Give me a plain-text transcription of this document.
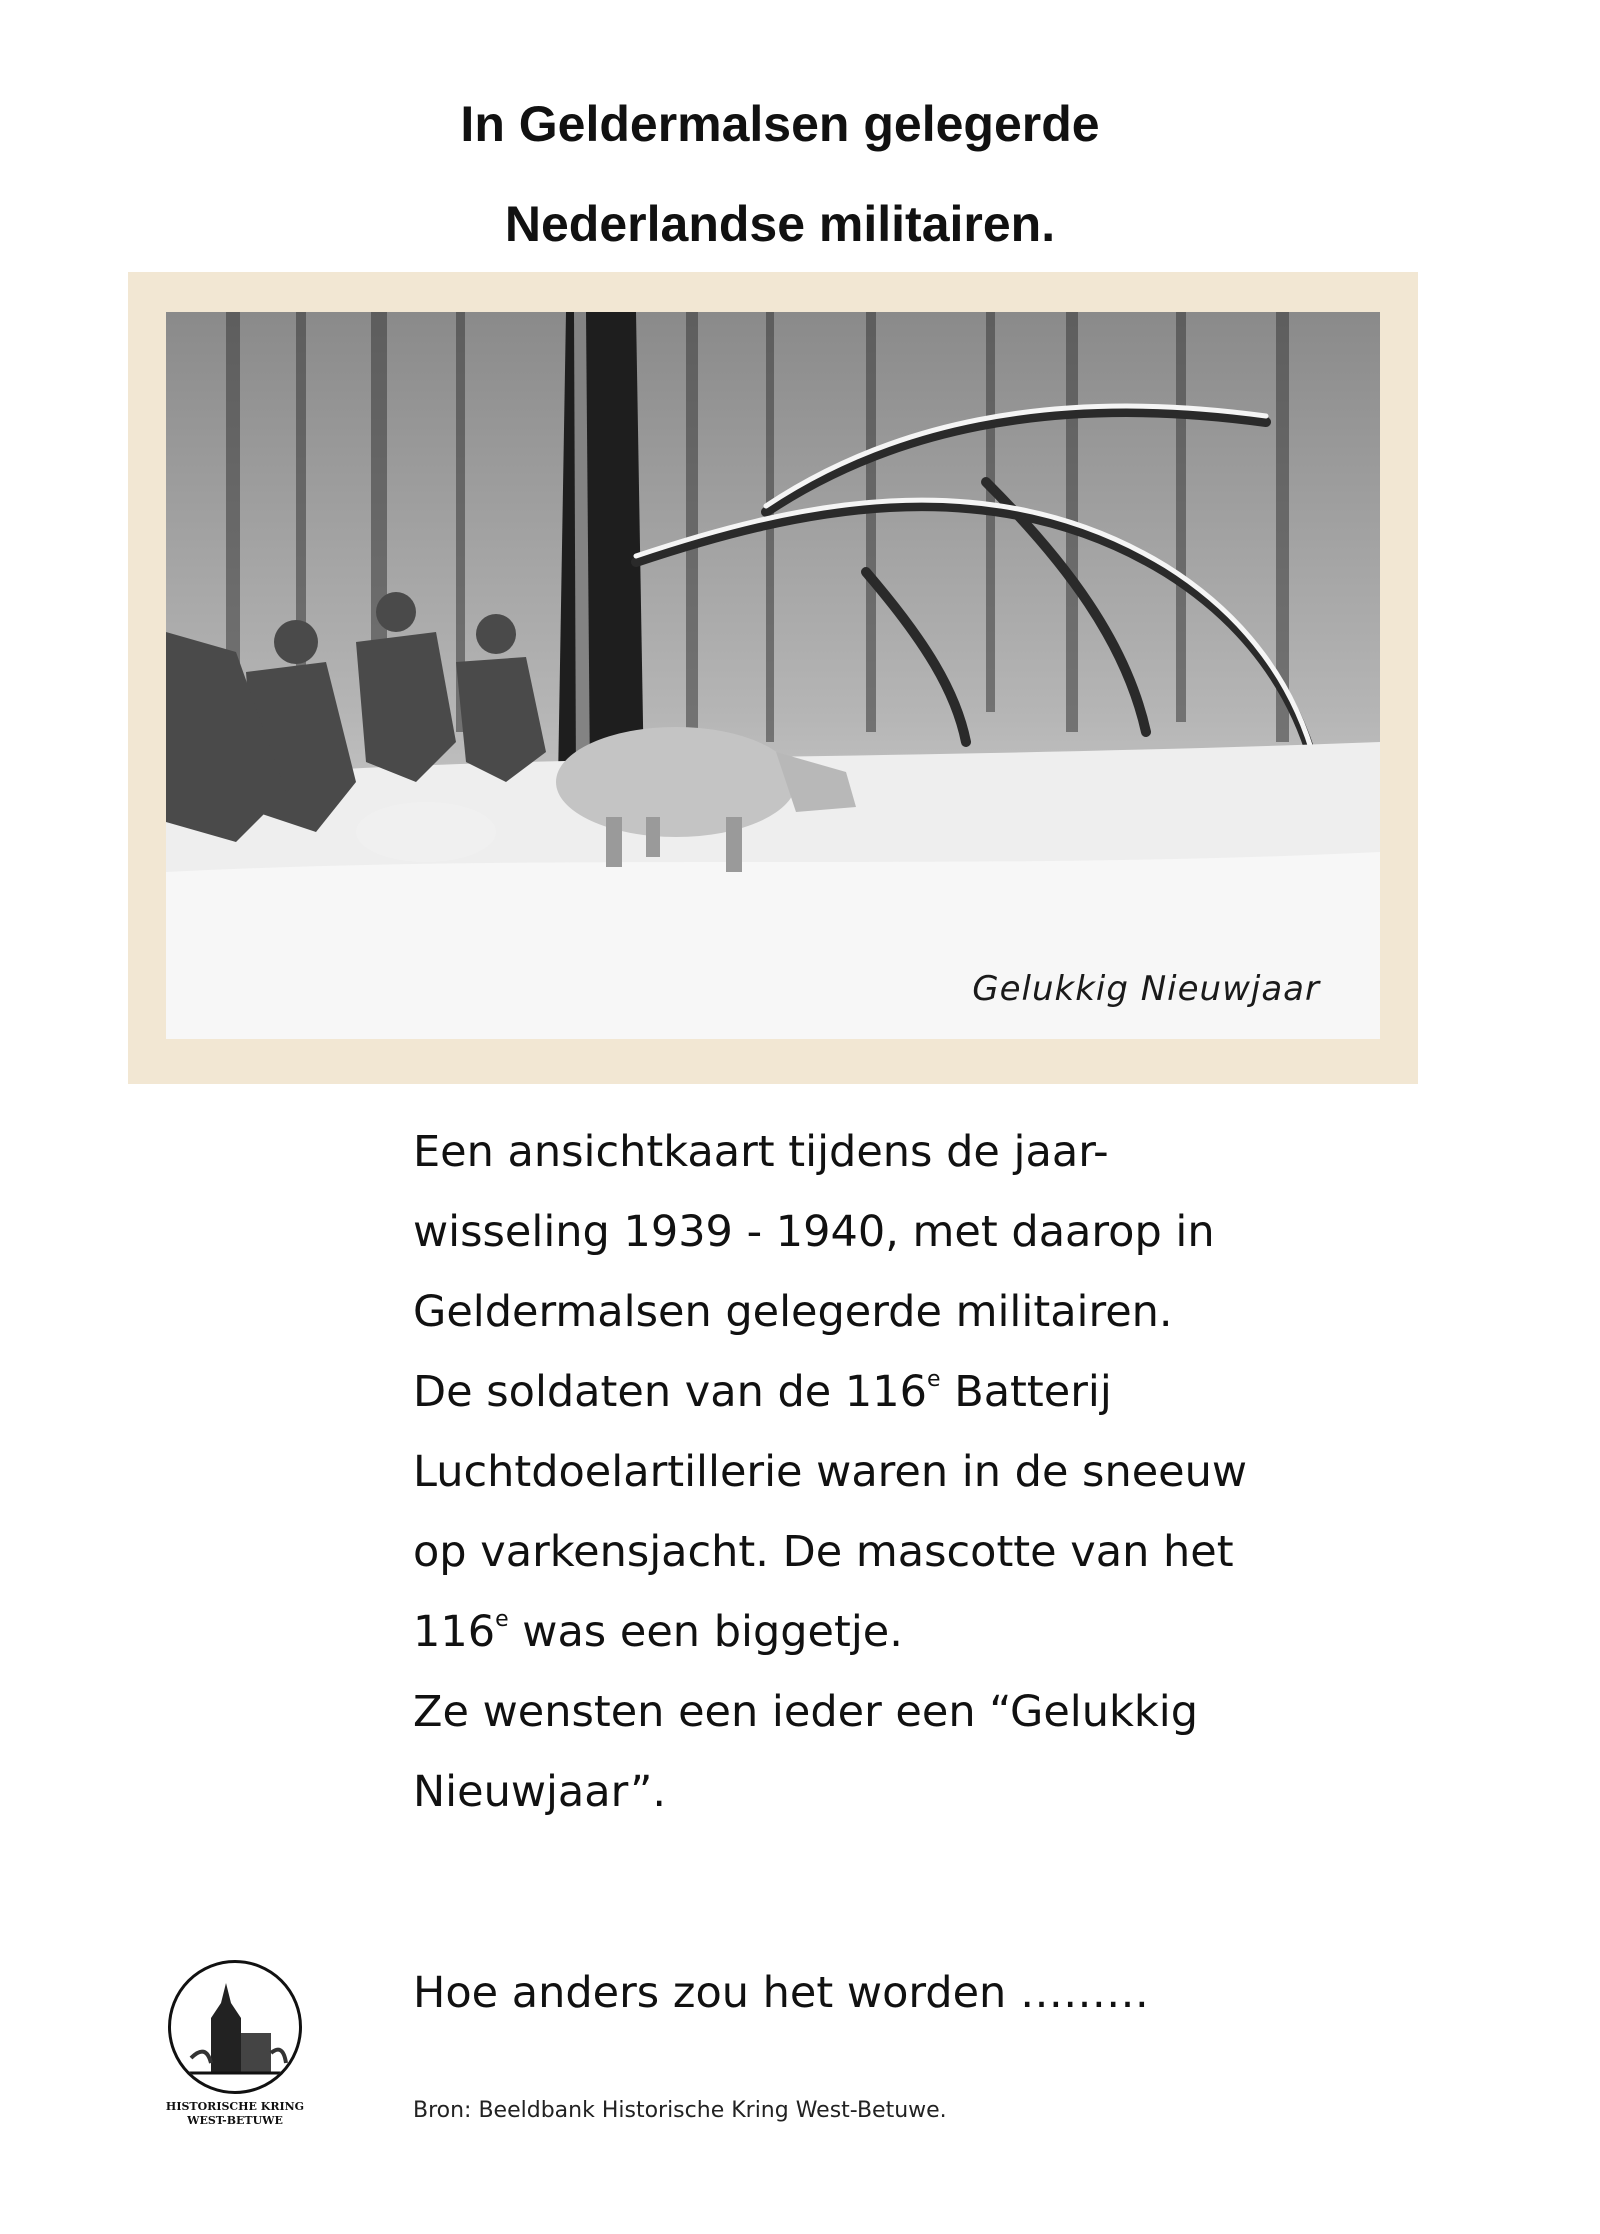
In Geldermalsen gelegerde
Nederlandse militairen.
Gelukkig Nieuwjaar

Een ansichtkaart tijdens de jaar-
wisseling 1939 - 1940, met daarop in
Geldermalsen gelegerde militairen.

De soldaten van de 116e Batterij
Luchtdoelartillerie waren in de sneeuw
op varkensjacht. De mascotte van het
116e was een biggetje.

Ze wensten een ieder een “Gelukkig
Nieuwjaar”.

HISTORISCHE KRING
WEST-BETUWE
Hoe anders zou het worden ………
Bron: Beeldbank Historische Kring West-Betuwe.
